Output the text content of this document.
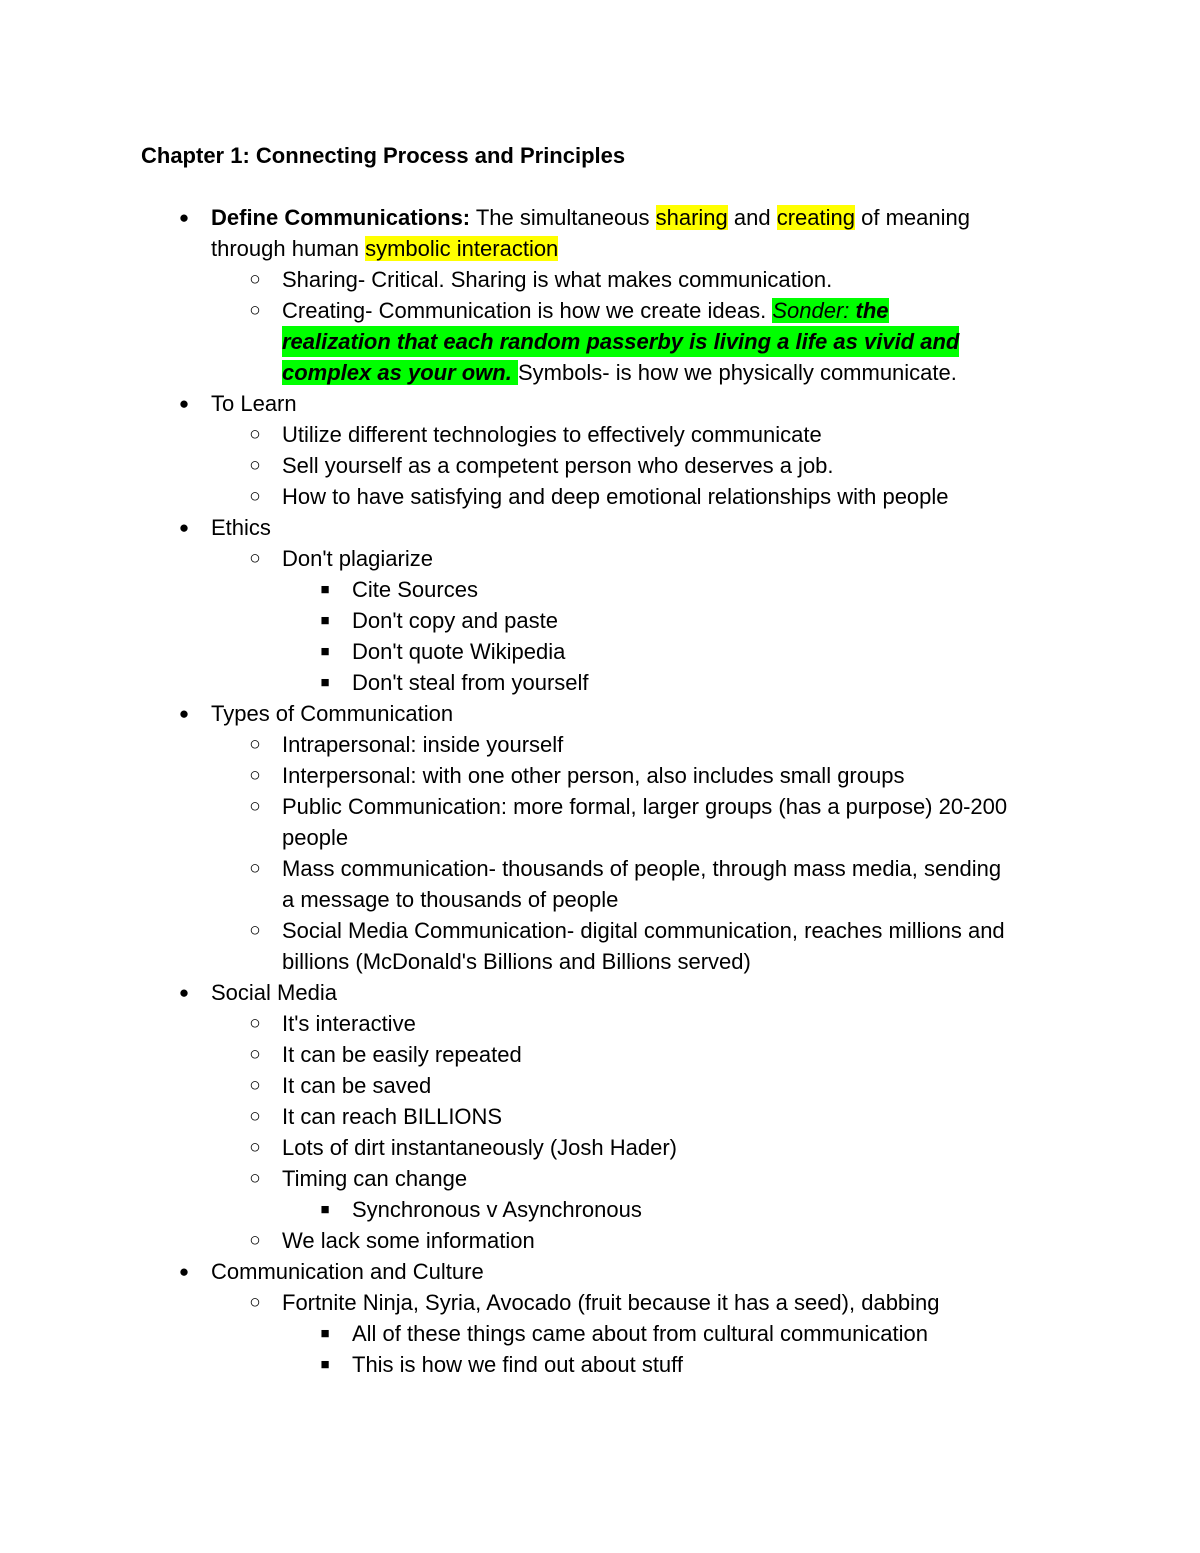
Chapter 1: Connecting Process and Principles
● Define Communications: The simultaneous sharing and creating of meaning
through human symbolic interaction
○ Sharing- Critical. Sharing is what makes communication.
○ Creating- Communication is how we create ideas. Sonder: the
realization that each random passerby is living a life as vivid and
complex as your own. Symbols- is how we physically communicate.
● To Learn
○ Utilize different technologies to effectively communicate
○ Sell yourself as a competent person who deserves a job.
○ How to have satisfying and deep emotional relationships with people
● Ethics
○ Don't plagiarize
■ Cite Sources
■ Don't copy and paste
■ Don't quote Wikipedia
■ Don't steal from yourself
● Types of Communication
○ Intrapersonal: inside yourself
○ Interpersonal: with one other person, also includes small groups
○ Public Communication: more formal, larger groups (has a purpose) 20-200
people
○ Mass communication- thousands of people, through mass media, sending
a message to thousands of people
○ Social Media Communication- digital communication, reaches millions and
billions (McDonald's Billions and Billions served)
● Social Media
○ It's interactive
○ It can be easily repeated
○ It can be saved
○ It can reach BILLIONS
○ Lots of dirt instantaneously (Josh Hader)
○ Timing can change
■ Synchronous v Asynchronous
○ We lack some information
● Communication and Culture
○ Fortnite Ninja, Syria, Avocado (fruit because it has a seed), dabbing
■ All of these things came about from cultural communication
■ This is how we find out about stuff
